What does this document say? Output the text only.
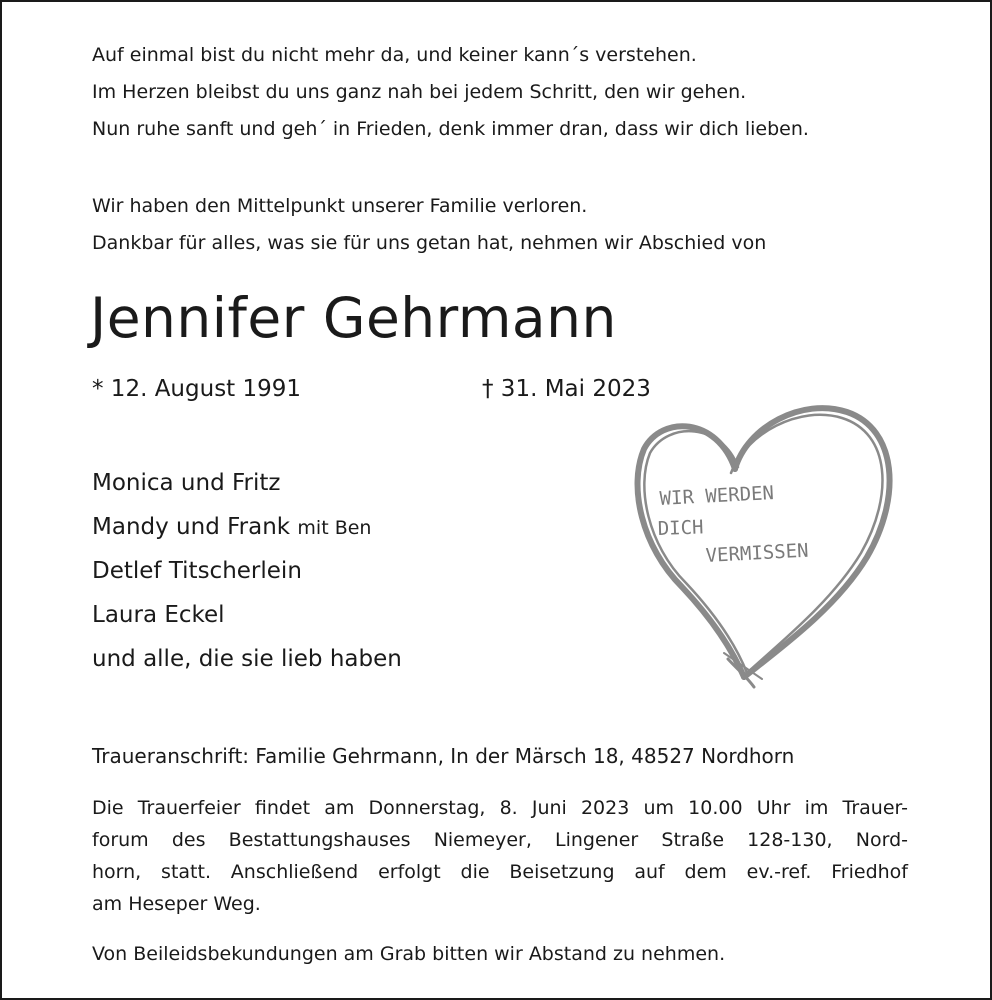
Auf einmal bist du nicht mehr da, und keiner kann´s verstehen.
Im Herzen bleibst du uns ganz nah bei jedem Schritt, den wir gehen.
Nun ruhe sanft und geh´ in Frieden, denk immer dran, dass wir dich lieben.
Wir haben den Mittelpunkt unserer Familie verloren.
Dankbar für alles, was sie für uns getan hat, nehmen wir Abschied von
Jennifer Gehrmann
* 12. August 1991	† 31. Mai 2023
Monica und Fritz
Mandy und Frank mit Ben
Detlef Titscherlein
Laura Eckel
und alle, die sie lieb haben
WIR WERDEN
DICH
VERMISSEN
Traueranschrift: Familie Gehrmann, In der Märsch 18, 48527 Nordhorn
Die Trauerfeier findet am Donnerstag, 8. Juni 2023 um 10.00 Uhr im Trauer-
forum des Bestattungshauses Niemeyer, Lingener Straße 128-130, Nord-
horn, statt. Anschließend erfolgt die Beisetzung auf dem ev.-ref. Friedhof
am Heseper Weg.
Von Beileidsbekundungen am Grab bitten wir Abstand zu nehmen.
